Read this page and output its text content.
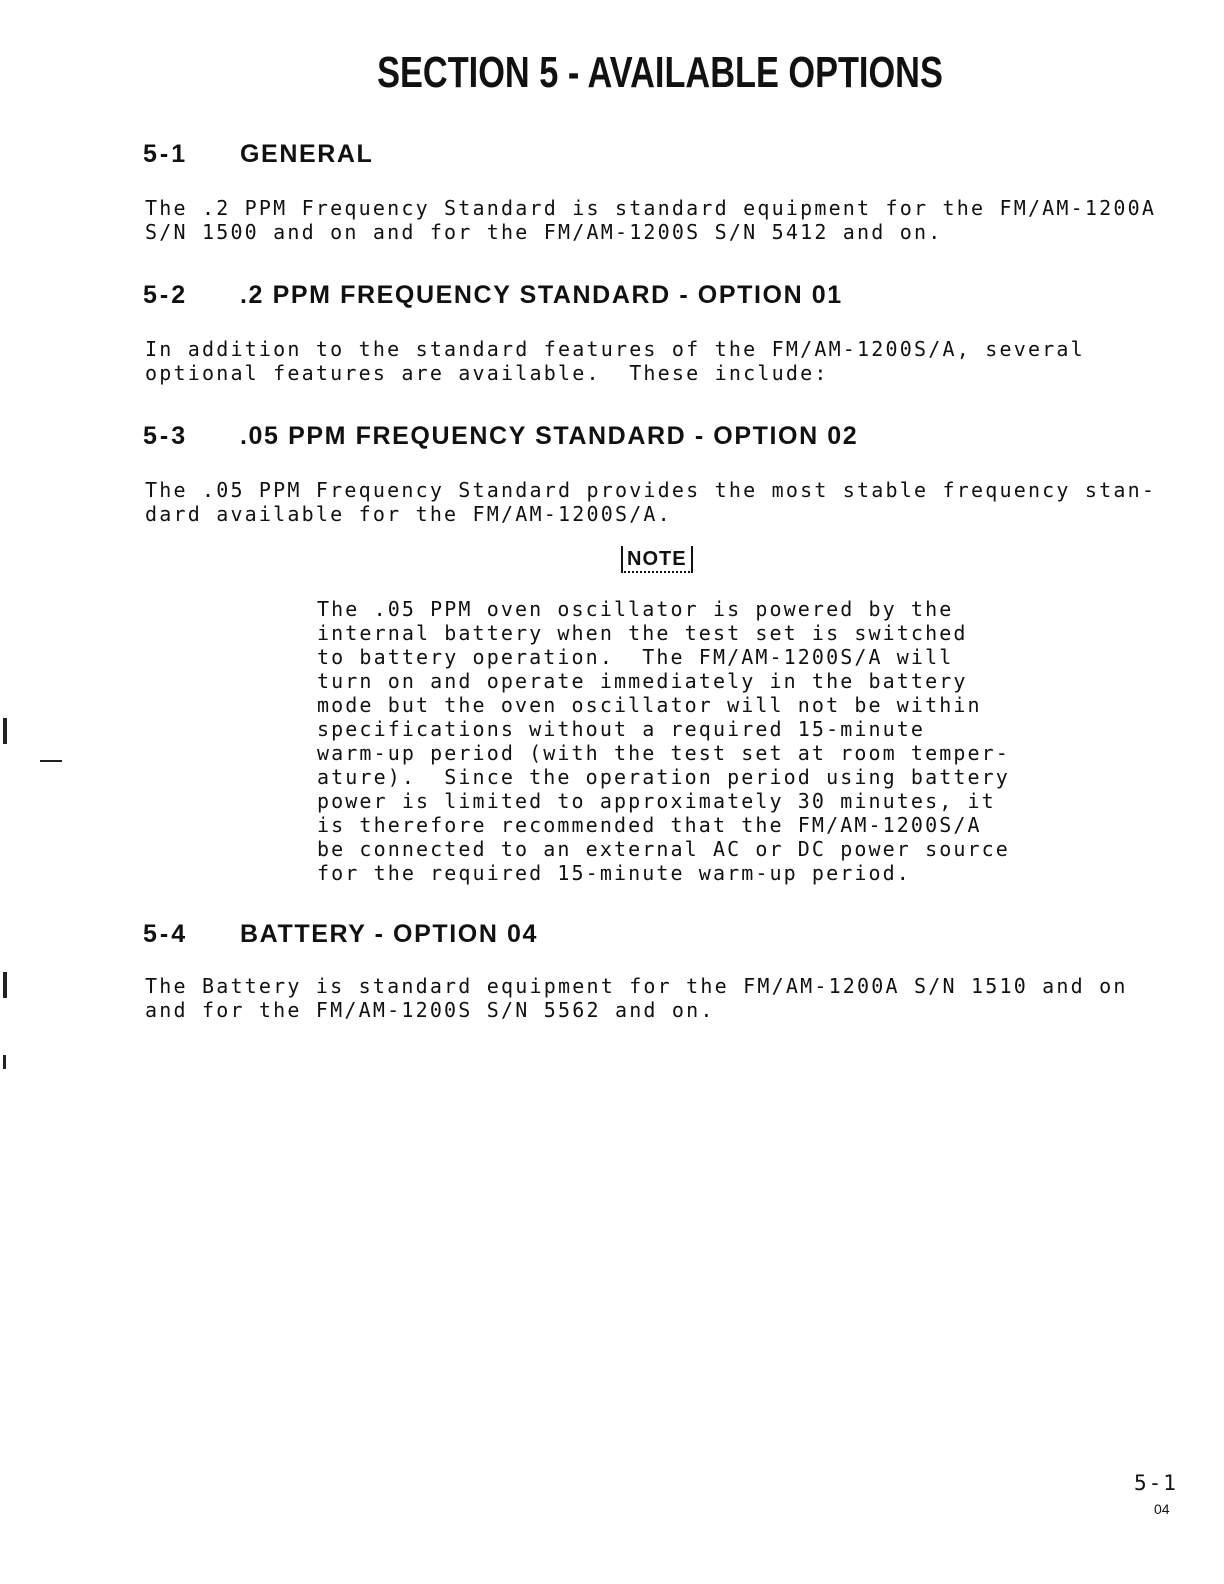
SECTION 5 - AVAILABLE OPTIONS
5-1 GENERAL

The .2 PPM Frequency Standard is standard equipment for the FM/AM-1200A
S/N 1500 and on and for the FM/AM-1200S S/N 5412 and on.

5-2 .2 PPM FREQUENCY STANDARD - OPTION 01

In addition to the standard features of the FM/AM-1200S/A, several
optional features are available.  These include:

5-3 .05 PPM FREQUENCY STANDARD - OPTION 02

The .05 PPM Frequency Standard provides the most stable frequency stan-
dard available for the FM/AM-1200S/A.

NOTE

The .05 PPM oven oscillator is powered by the
internal battery when the test set is switched
to battery operation.  The FM/AM-1200S/A will
turn on and operate immediately in the battery
mode but the oven oscillator will not be within
specifications without a required 15-minute
warm-up period (with the test set at room temper-
ature).  Since the operation period using battery
power is limited to approximately 30 minutes, it
is therefore recommended that the FM/AM-1200S/A
be connected to an external AC or DC power source
for the required 15-minute warm-up period.

5-4 BATTERY - OPTION 04

The Battery is standard equipment for the FM/AM-1200A S/N 1510 and on
and for the FM/AM-1200S S/N 5562 and on.

5-1
04
